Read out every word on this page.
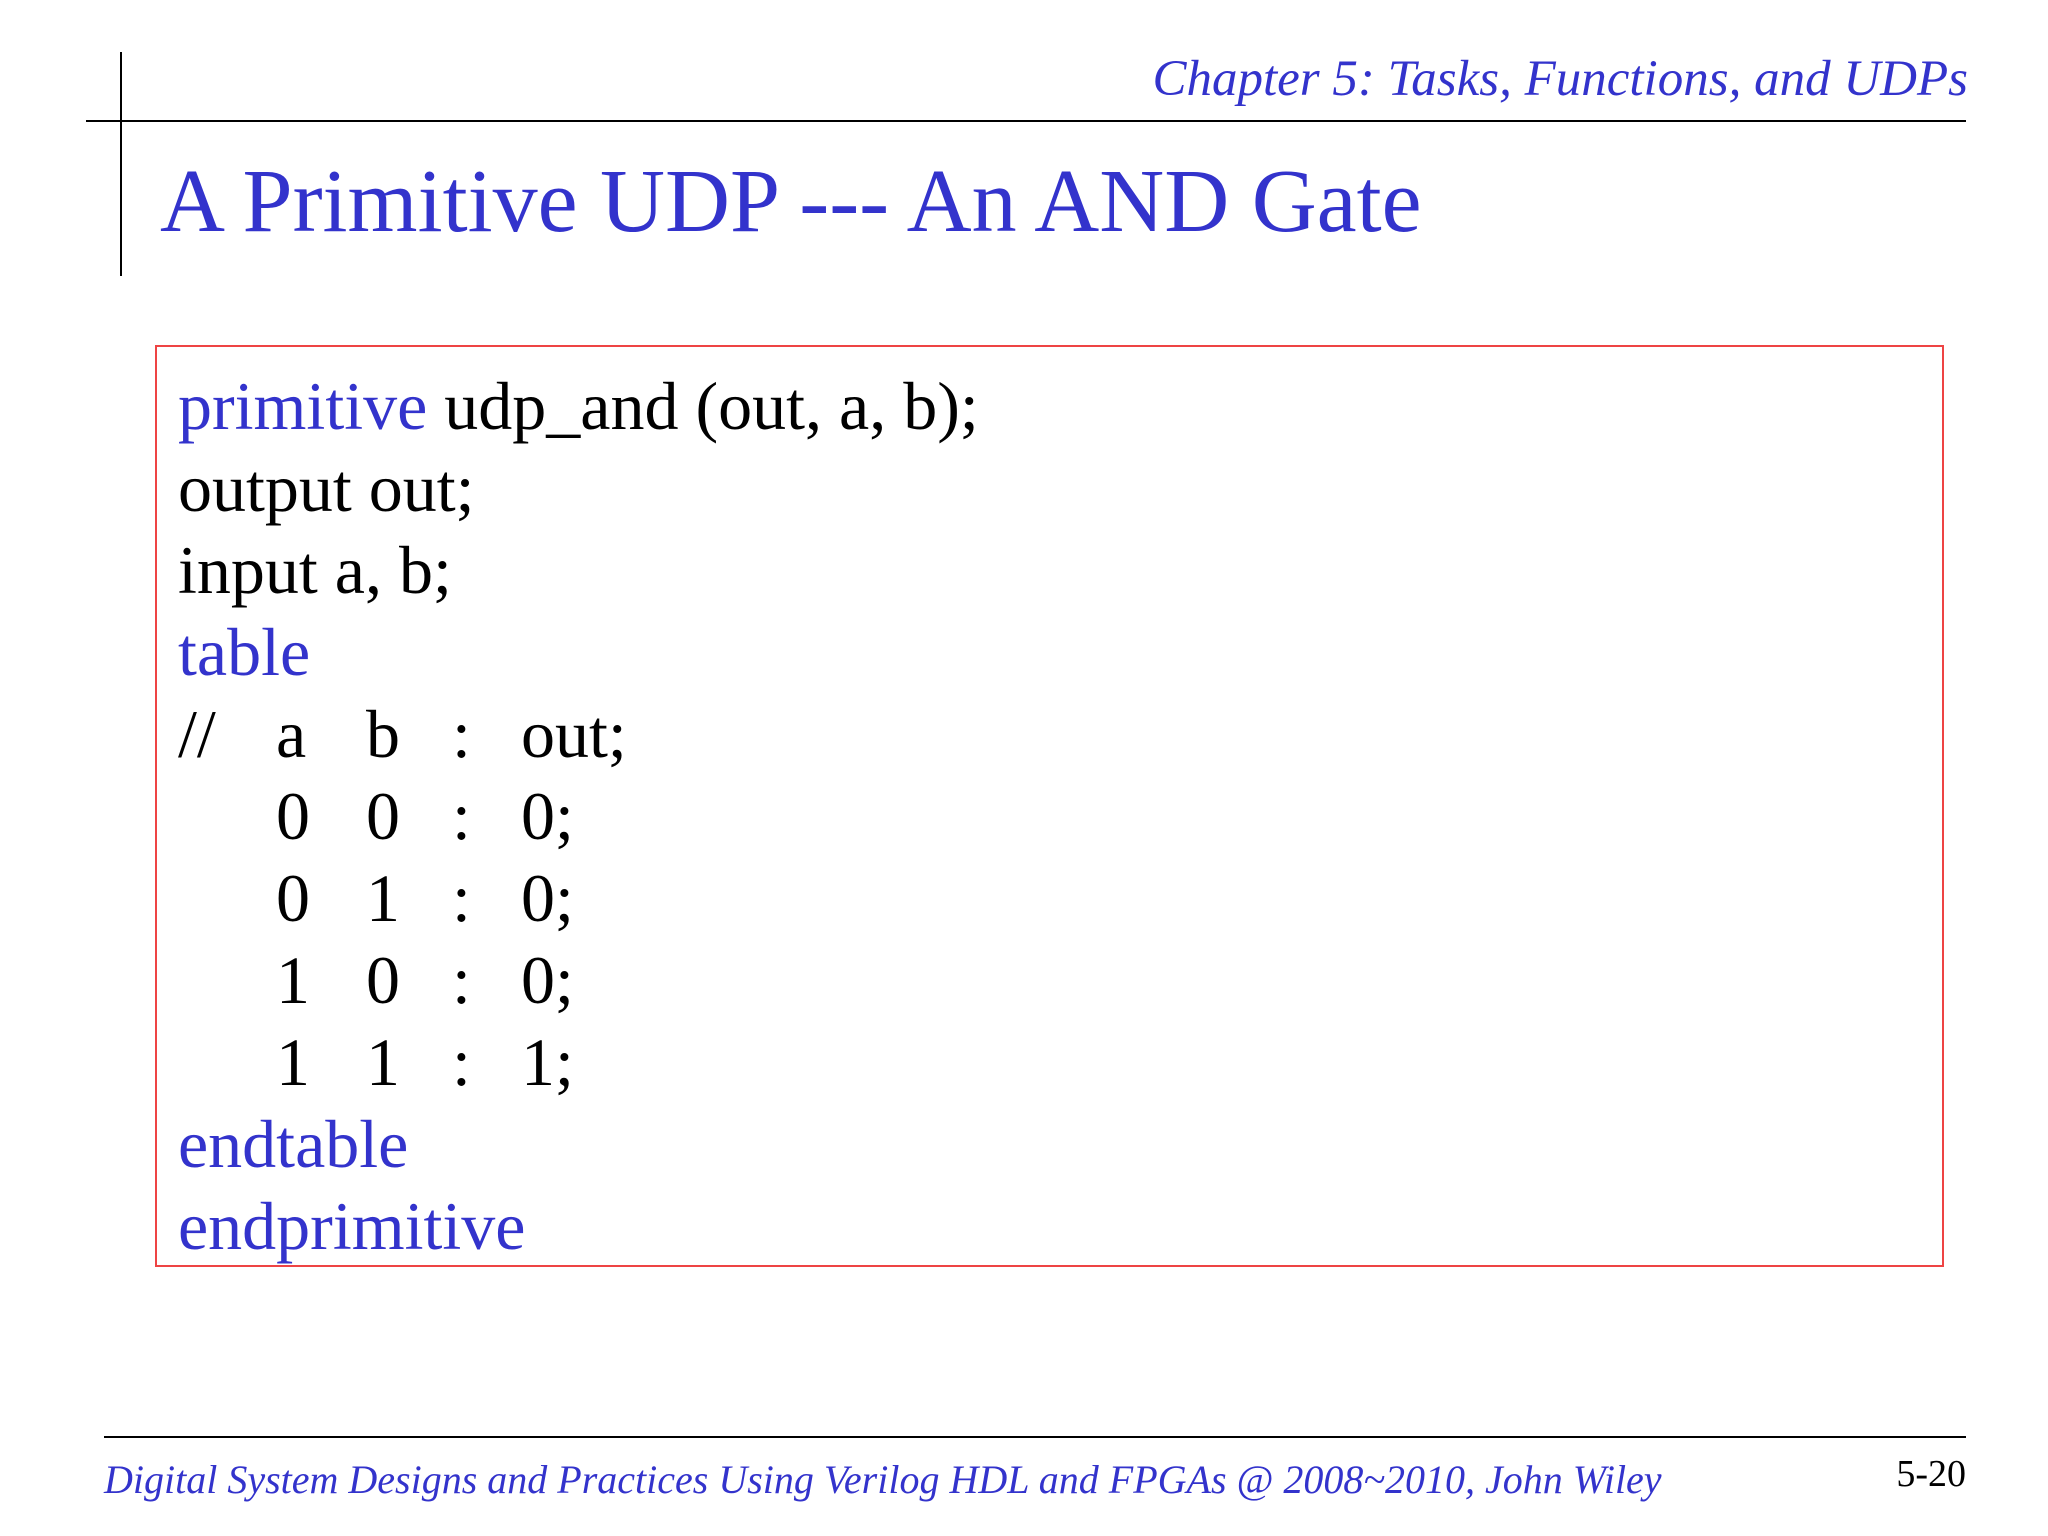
Chapter 5: Tasks, Functions, and UDPs
A Primitive UDP --- An AND Gate
primitive udp_and (out, a, b);
output out;
input a, b;
table
// a b : out;
0 0 : 0;
0 1 : 0;
1 0 : 0;
1 1 : 1;
endtable
endprimitive
Digital System Designs and Practices Using Verilog HDL and FPGAs @ 2008~2010, John Wiley	5-20
